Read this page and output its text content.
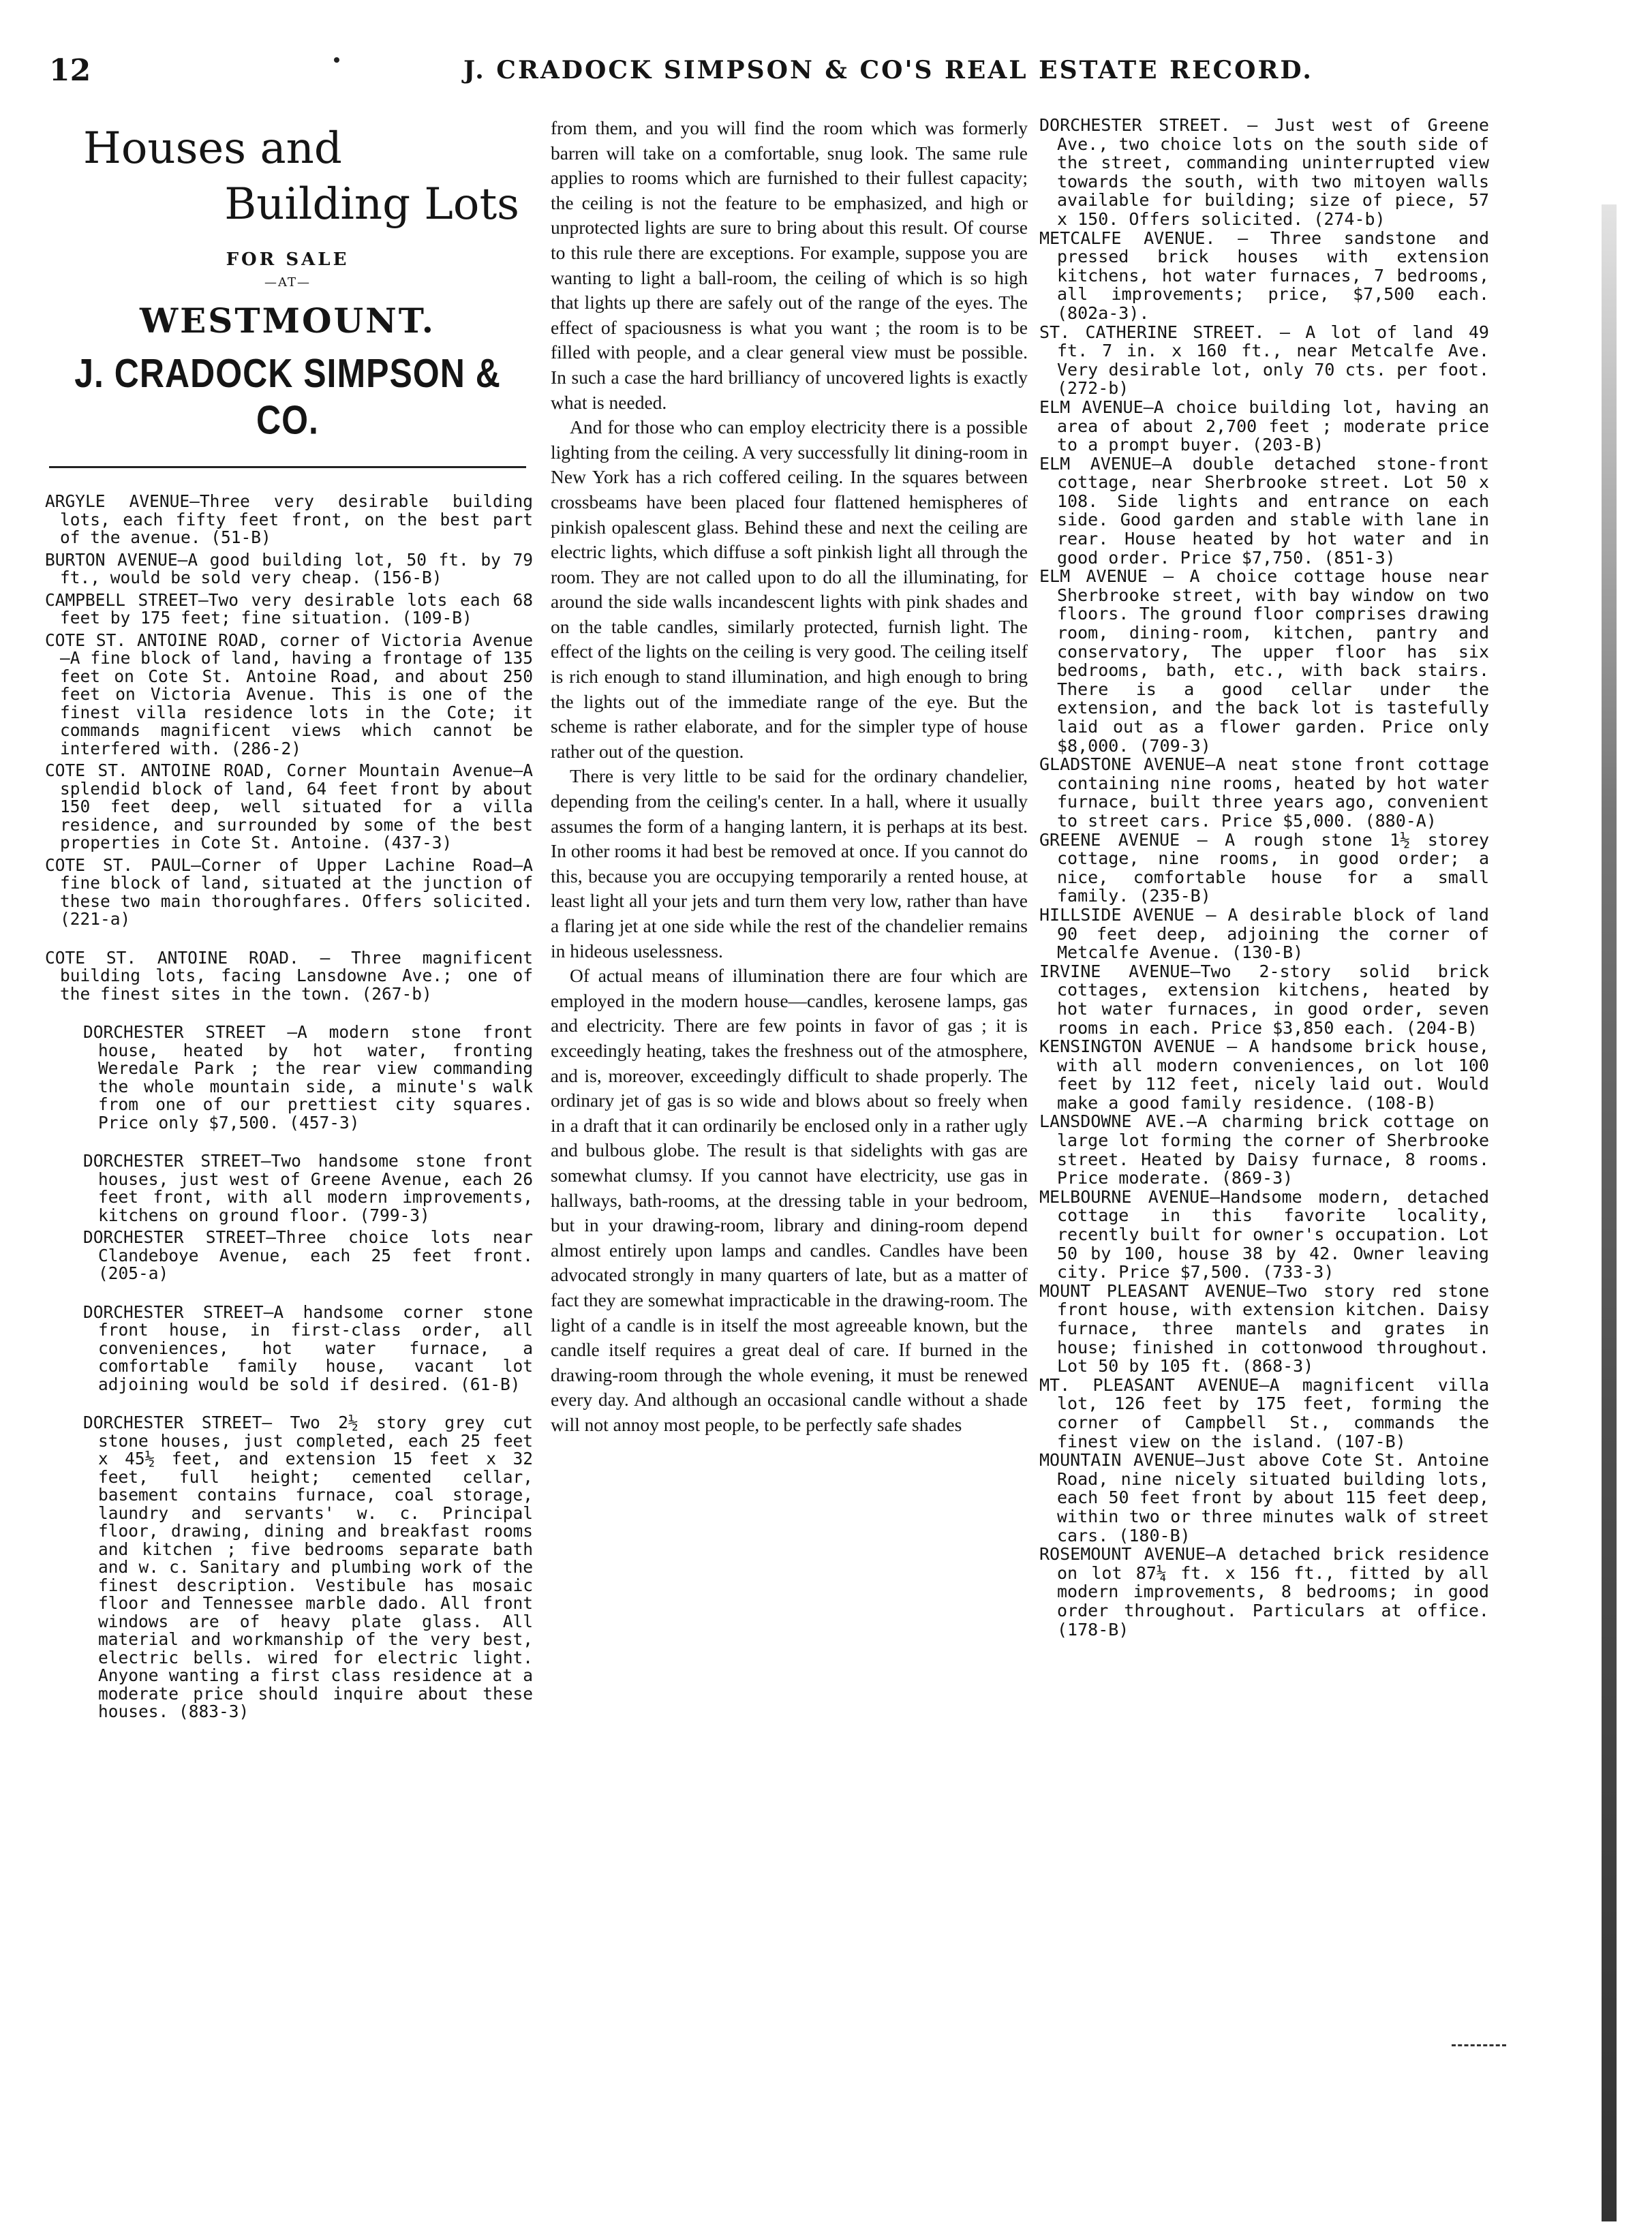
12	J. CRADOCK SIMPSON & CO'S REAL ESTATE RECORD.
Houses and
Building Lots
FOR SALE
—AT—
WESTMOUNT.
J. CRADOCK SIMPSON & CO.

ARGYLE AVENUE—Three very desirable building lots, each fifty feet front, on the best part of the avenue. (51-B)

BURTON AVENUE—A good building lot, 50 ft. by 79 ft., would be sold very cheap. (156-B)

CAMPBELL STREET—Two very desirable lots each 68 feet by 175 feet; fine situation. (109-B)

COTE ST. ANTOINE ROAD, corner of Victoria Avenue—A fine block of land, having a frontage of 135 feet on Cote St. Antoine Road, and about 250 feet on Victoria Avenue. This is one of the finest villa residence lots in the Cote; it commands magnificent views which cannot be interfered with. (286-2)

COTE ST. ANTOINE ROAD, Corner Mountain Avenue—A splendid block of land, 64 feet front by about 150 feet deep, well situated for a villa residence, and surrounded by some of the best properties in Cote St. Antoine. (437-3)

COTE ST. PAUL—Corner of Upper Lachine Road—A fine block of land, situated at the junction of these two main thoroughfares. Offers solicited. (221-a)

COTE ST. ANTOINE ROAD. — Three magnificent building lots, facing Lansdowne Ave.; one of the finest sites in the town. (267-b)

DORCHESTER STREET —A modern stone front house, heated by hot water, fronting Weredale Park ; the rear view commanding the whole mountain side, a minute's walk from one of our prettiest city squares. Price only $7,500. (457-3)

DORCHESTER STREET—Two handsome stone front houses, just west of Greene Avenue, each 26 feet front, with all modern improvements, kitchens on ground floor. (799-3)

DORCHESTER STREET—Three choice lots near Clandeboye Avenue, each 25 feet front. (205-a)

DORCHESTER STREET—A handsome corner stone front house, in first-class order, all conveniences, hot water furnace, a comfortable family house, vacant lot adjoining would be sold if desired. (61-B)

DORCHESTER STREET— Two 2½ story grey cut stone houses, just completed, each 25 feet x 45½ feet, and extension 15 feet x 32 feet, full height; cemented cellar, basement contains furnace, coal storage, laundry and servants' w. c. Principal floor, drawing, dining and breakfast rooms and kitchen ; five bedrooms separate bath and w. c. Sanitary and plumbing work of the finest description. Vestibule has mosaic floor and Tennessee marble dado. All front windows are of heavy plate glass. All material and workmanship of the very best, electric bells. wired for electric light. Anyone wanting a first class residence at a moderate price should inquire about these houses. (883-3)

from them, and you will find the room which was formerly barren will take on a comfortable, snug look. The same rule applies to rooms which are furnished to their fullest capacity; the ceiling is not the feature to be emphasized, and high or unprotected lights are sure to bring about this result. Of course to this rule there are exceptions. For example, suppose you are wanting to light a ball-room, the ceiling of which is so high that lights up there are safely out of the range of the eyes. The effect of spaciousness is what you want ; the room is to be filled with people, and a clear general view must be possible. In such a case the hard brilliancy of uncovered lights is exactly what is needed.

And for those who can employ electricity there is a possible lighting from the ceiling. A very successfully lit dining-room in New York has a rich coffered ceiling. In the squares between crossbeams have been placed four flattened hemispheres of pinkish opalescent glass. Behind these and next the ceiling are electric lights, which diffuse a soft pinkish light all through the room. They are not called upon to do all the illuminating, for around the side walls incandescent lights with pink shades and on the table candles, similarly protected, furnish light. The effect of the lights on the ceiling is very good. The ceiling itself is rich enough to stand illumination, and high enough to bring the lights out of the immediate range of the eye. But the scheme is rather elaborate, and for the simpler type of house rather out of the question.

There is very little to be said for the ordinary chandelier, depending from the ceiling's center. In a hall, where it usually assumes the form of a hanging lantern, it is perhaps at its best. In other rooms it had best be removed at once. If you cannot do this, because you are occupying temporarily a rented house, at least light all your jets and turn them very low, rather than have a flaring jet at one side while the rest of the chandelier remains in hideous uselessness.

Of actual means of illumination there are four which are employed in the modern house—candles, kerosene lamps, gas and electricity. There are few points in favor of gas ; it is exceedingly heating, takes the freshness out of the atmosphere, and is, moreover, exceedingly difficult to shade properly. The ordinary jet of gas is so wide and blows about so freely when in a draft that it can ordinarily be enclosed only in a rather ugly and bulbous globe. The result is that sidelights with gas are somewhat clumsy. If you cannot have electricity, use gas in hallways, bath-rooms, at the dressing table in your bedroom, but in your drawing-room, library and dining-room depend almost entirely upon lamps and candles. Candles have been advocated strongly in many quarters of late, but as a matter of fact they are somewhat impracticable in the drawing-room. The light of a candle is in itself the most agreeable known, but the candle itself requires a great deal of care. If burned in the drawing-room through the whole evening, it must be renewed every day. And although an occasional candle without a shade will not annoy most people, to be perfectly safe shades

DORCHESTER STREET. — Just west of Greene Ave., two choice lots on the south side of the street, commanding uninterrupted view towards the south, with two mitoyen walls available for building; size of piece, 57 x 150. Offers solicited. (274-b)

METCALFE AVENUE. — Three sandstone and pressed brick houses with extension kitchens, hot water furnaces, 7 bedrooms, all improvements; price, $7,500 each. (802a-3).

ST. CATHERINE STREET. — A lot of land 49 ft. 7 in. x 160 ft., near Metcalfe Ave. Very desirable lot, only 70 cts. per foot. (272-b)

ELM AVENUE—A choice building lot, having an area of about 2,700 feet ; moderate price to a prompt buyer. (203-B)

ELM AVENUE—A double detached stone-front cottage, near Sherbrooke street. Lot 50 x 108. Side lights and entrance on each side. Good garden and stable with lane in rear. House heated by hot water and in good order. Price $7,750. (851-3)

ELM AVENUE — A choice cottage house near Sherbrooke street, with bay window on two floors. The ground floor comprises drawing room, dining-room, kitchen, pantry and conservatory, The upper floor has six bedrooms, bath, etc., with back stairs. There is a good cellar under the extension, and the back lot is tastefully laid out as a flower garden. Price only $8,000. (709-3)

GLADSTONE AVENUE—A neat stone front cottage containing nine rooms, heated by hot water furnace, built three years ago, convenient to street cars. Price $5,000. (880-A)

GREENE AVENUE — A rough stone 1½ storey cottage, nine rooms, in good order; a nice, comfortable house for a small family. (235-B)

HILLSIDE AVENUE — A desirable block of land 90 feet deep, adjoining the corner of Metcalfe Avenue. (130-B)

IRVINE AVENUE—Two 2-story solid brick cottages, extension kitchens, heated by hot water furnaces, in good order, seven rooms in each. Price $3,850 each. (204-B)

KENSINGTON AVENUE — A handsome brick house, with all modern conveniences, on lot 100 feet by 112 feet, nicely laid out. Would make a good family residence. (108-B)

LANSDOWNE AVE.—A charming brick cottage on large lot forming the corner of Sherbrooke street. Heated by Daisy furnace, 8 rooms. Price moderate. (869-3)

MELBOURNE AVENUE—Handsome modern, detached cottage in this favorite locality, recently built for owner's occupation. Lot 50 by 100, house 38 by 42. Owner leaving city. Price $7,500. (733-3)

MOUNT PLEASANT AVENUE—Two story red stone front house, with extension kitchen. Daisy furnace, three mantels and grates in house; finished in cottonwood throughout. Lot 50 by 105 ft. (868-3)

MT. PLEASANT AVENUE—A magnificent villa lot, 126 feet by 175 feet, forming the corner of Campbell St., commands the finest view on the island. (107-B)

MOUNTAIN AVENUE—Just above Cote St. Antoine Road, nine nicely situated building lots, each 50 feet front by about 115 feet deep, within two or three minutes walk of street cars. (180-B)

ROSEMOUNT AVENUE—A detached brick residence on lot 87¼ ft. x 156 ft., fitted by all modern improvements, 8 bedrooms; in good order throughout. Particulars at office. (178-B)
